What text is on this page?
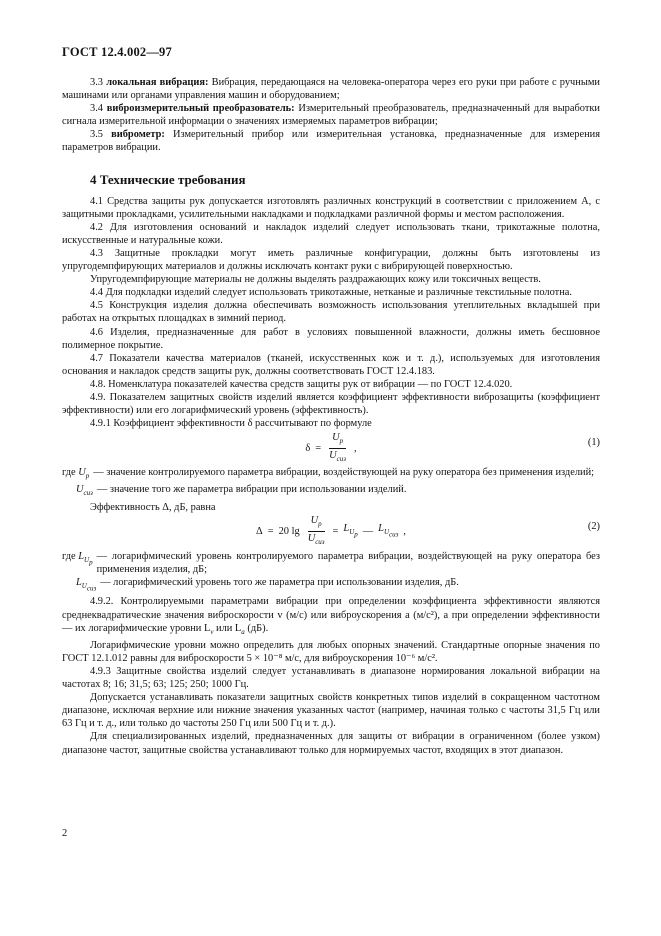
ГОСТ 12.4.002—97

3.3 локальная вибрация: Вибрация, передающаяся на человека-оператора через его руки при работе с ручными машинами или органами управления машин и оборудованием;

3.4 виброизмерительный преобразователь: Измерительный преобразователь, предназначенный для выработки сигнала измерительной информации о значениях измеряемых параметров вибрации;

3.5 виброметр: Измерительный прибор или измерительная установка, предназначенные для измерения параметров вибрации.

4 Технические требования

4.1 Средства защиты рук допускается изготовлять различных конструкций в соответствии с приложением А, с защитными прокладками, усилительными накладками и подкладками различной формы и местом расположения.

4.2 Для изготовления оснований и накладок изделий следует использовать ткани, трикотажные полотна, искусственные и натуральные кожи.

4.3 Защитные прокладки могут иметь различные конфигурации, должны быть изготовлены из упругодемпфирующих материалов и должны исключать контакт руки с вибрирующей поверхностью.

Упругодемпфирующие материалы не должны выделять раздражающих кожу или токсичных веществ.

4.4 Для подкладки изделий следует использовать трикотажные, нетканые и различные текстильные полотна.

4.5 Конструкция изделия должна обеспечивать возможность использования утеплительных вкладышей при работах на открытых площадках в зимний период.

4.6 Изделия, предназначенные для работ в условиях повышенной влажности, должны иметь бесшовное полимерное покрытие.

4.7 Показатели качества материалов (тканей, искусственных кож и т. д.), используемых для изготовления основания и накладок средств защиты рук, должны соответствовать ГОСТ 12.4.183.

4.8. Номенклатура показателей качества средств защиты рук от вибрации — по ГОСТ 12.4.020.

4.9. Показателем защитных свойств изделий является коэффициент эффективности виброзащиты (коэффициент эффективности) или его логарифмический уровень (эффективность).

4.9.1 Коэффициент эффективности δ рассчитывают по формуле

$\delta = \frac{U_р}{U_{сиз}}$ ,	(1)
где $U_р$ — значение контролируемого параметра вибрации, воздействующей на руку оператора без применения изделий;
$U_{сиз}$ — значение того же параметра вибрации при использовании изделий.

Эффективность Δ, дБ, равна

Δ = 20 $\lg \frac{U_р}{U_{сиз}} = L_{U_р}$ — $L_{U_{сиз}}$ ,	(2)
где $L_{U_р}$
— логарифмический уровень контролируемого параметра вибрации, воздействующей на руку оператора без применения изделия, дБ;
$L_{U_{сиз}}$
— логарифмический уровень того же параметра при использовании изделия, дБ.

4.9.2. Контролируемыми параметрами вибрации при определении коэффициента эффективности являются среднеквадратические значения виброскорости v (м/с) или виброускорения a (м/с²), а при определении эффективности — их логарифмические уровни $L_v$ или $L_a$ (дБ).

Логарифмические уровни можно определить для любых опорных значений. Стандартные опорные значения по ГОСТ 12.1.012 равны для виброскорости 5 × 10⁻⁸ м/с, для виброускорения 10⁻⁶ м/с².

4.9.3 Защитные свойства изделий следует устанавливать в диапазоне нормирования локальной вибрации на частотах 8; 16; 31,5; 63; 125; 250; 1000 Гц.

Допускается устанавливать показатели защитных свойств конкретных типов изделий в сокращенном частотном диапазоне, исключая верхние или нижние значения указанных частот (например, начиная только с частоты 31,5 Гц или 63 Гц и т. д., или только до частоты 250 Гц или 500 Гц и т. д.).

Для специализированных изделий, предназначенных для защиты от вибрации в ограниченном (более узком) диапазоне частот, защитные свойства устанавливают только для нормируемых частот, входящих в этот диапазон.

2
